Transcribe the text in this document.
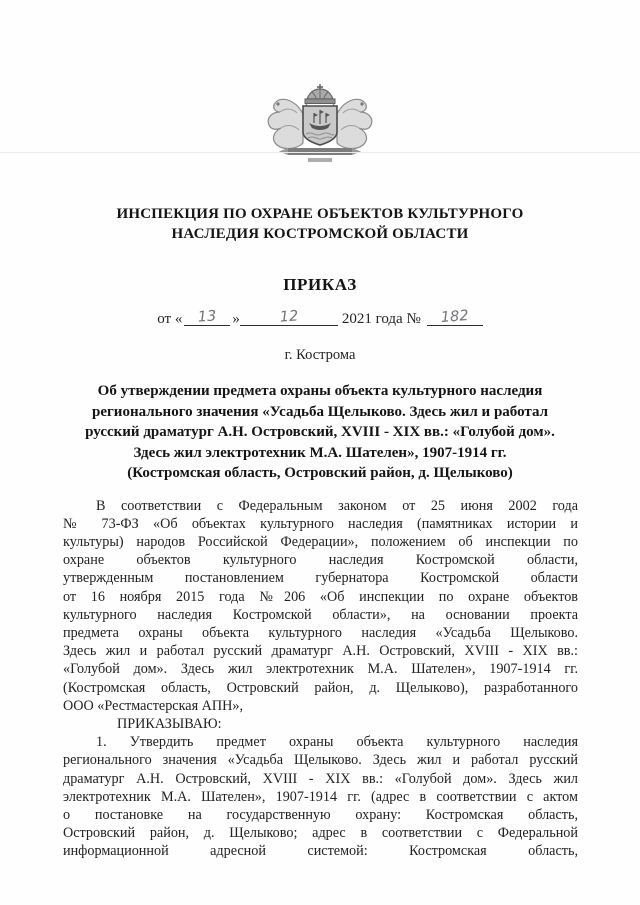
ИНСПЕКЦИЯ ПО ОХРАНЕ ОБЪЕКТОВ КУЛЬТУРНОГО
НАСЛЕДИЯ КОСТРОМСКОЙ ОБЛАСТИ
ПРИКАЗ
от « 13 »	12	2021 года № 182
г. Кострома
Об утверждении предмета охраны объекта культурного наследия
регионального значения «Усадьба Щелыково. Здесь жил и работал
русский драматург А.Н. Островский, XVIII - XIX вв.: «Голубой дом».
Здесь жил электротехник М.А. Шателен», 1907-1914 гг.
(Костромская область, Островский район, д. Щелыково)
В соответствии с Федеральным законом от 25 июня 2002 года
№ 73-ФЗ «Об объектах культурного наследия (памятниках истории и
культуры) народов Российской Федерации», положением об инспекции по
охране объектов культурного наследия Костромской области,
утвержденным постановлением губернатора Костромской области
от 16 ноября 2015 года №206 «Об инспекции по охране объектов
культурного наследия Костромской области», на основании проекта
предмета охраны объекта культурного наследия «Усадьба Щелыково.
Здесь жил и работал русский драматург А.Н. Островский, XVIII - XIX вв.:
«Голубой дом». Здесь жил электротехник М.А. Шателен», 1907-1914 гг.
(Костромская область, Островский район, д. Щелыково), разработанного
ООО «Рестмастерская АПН»,
ПРИКАЗЫВАЮ:
1. Утвердить предмет охраны объекта культурного наследия
регионального значения «Усадьба Щелыково. Здесь жил и работал русский
драматург А.Н. Островский, XVIII - XIX вв.: «Голубой дом». Здесь жил
электротехник М.А. Шателен», 1907-1914 гг. (адрес в соответствии с актом
о постановке на государственную охрану: Костромская область,
Островский район, д. Щелыково; адрес в соответствии с Федеральной
информационной адресной системой: Костромская область,
